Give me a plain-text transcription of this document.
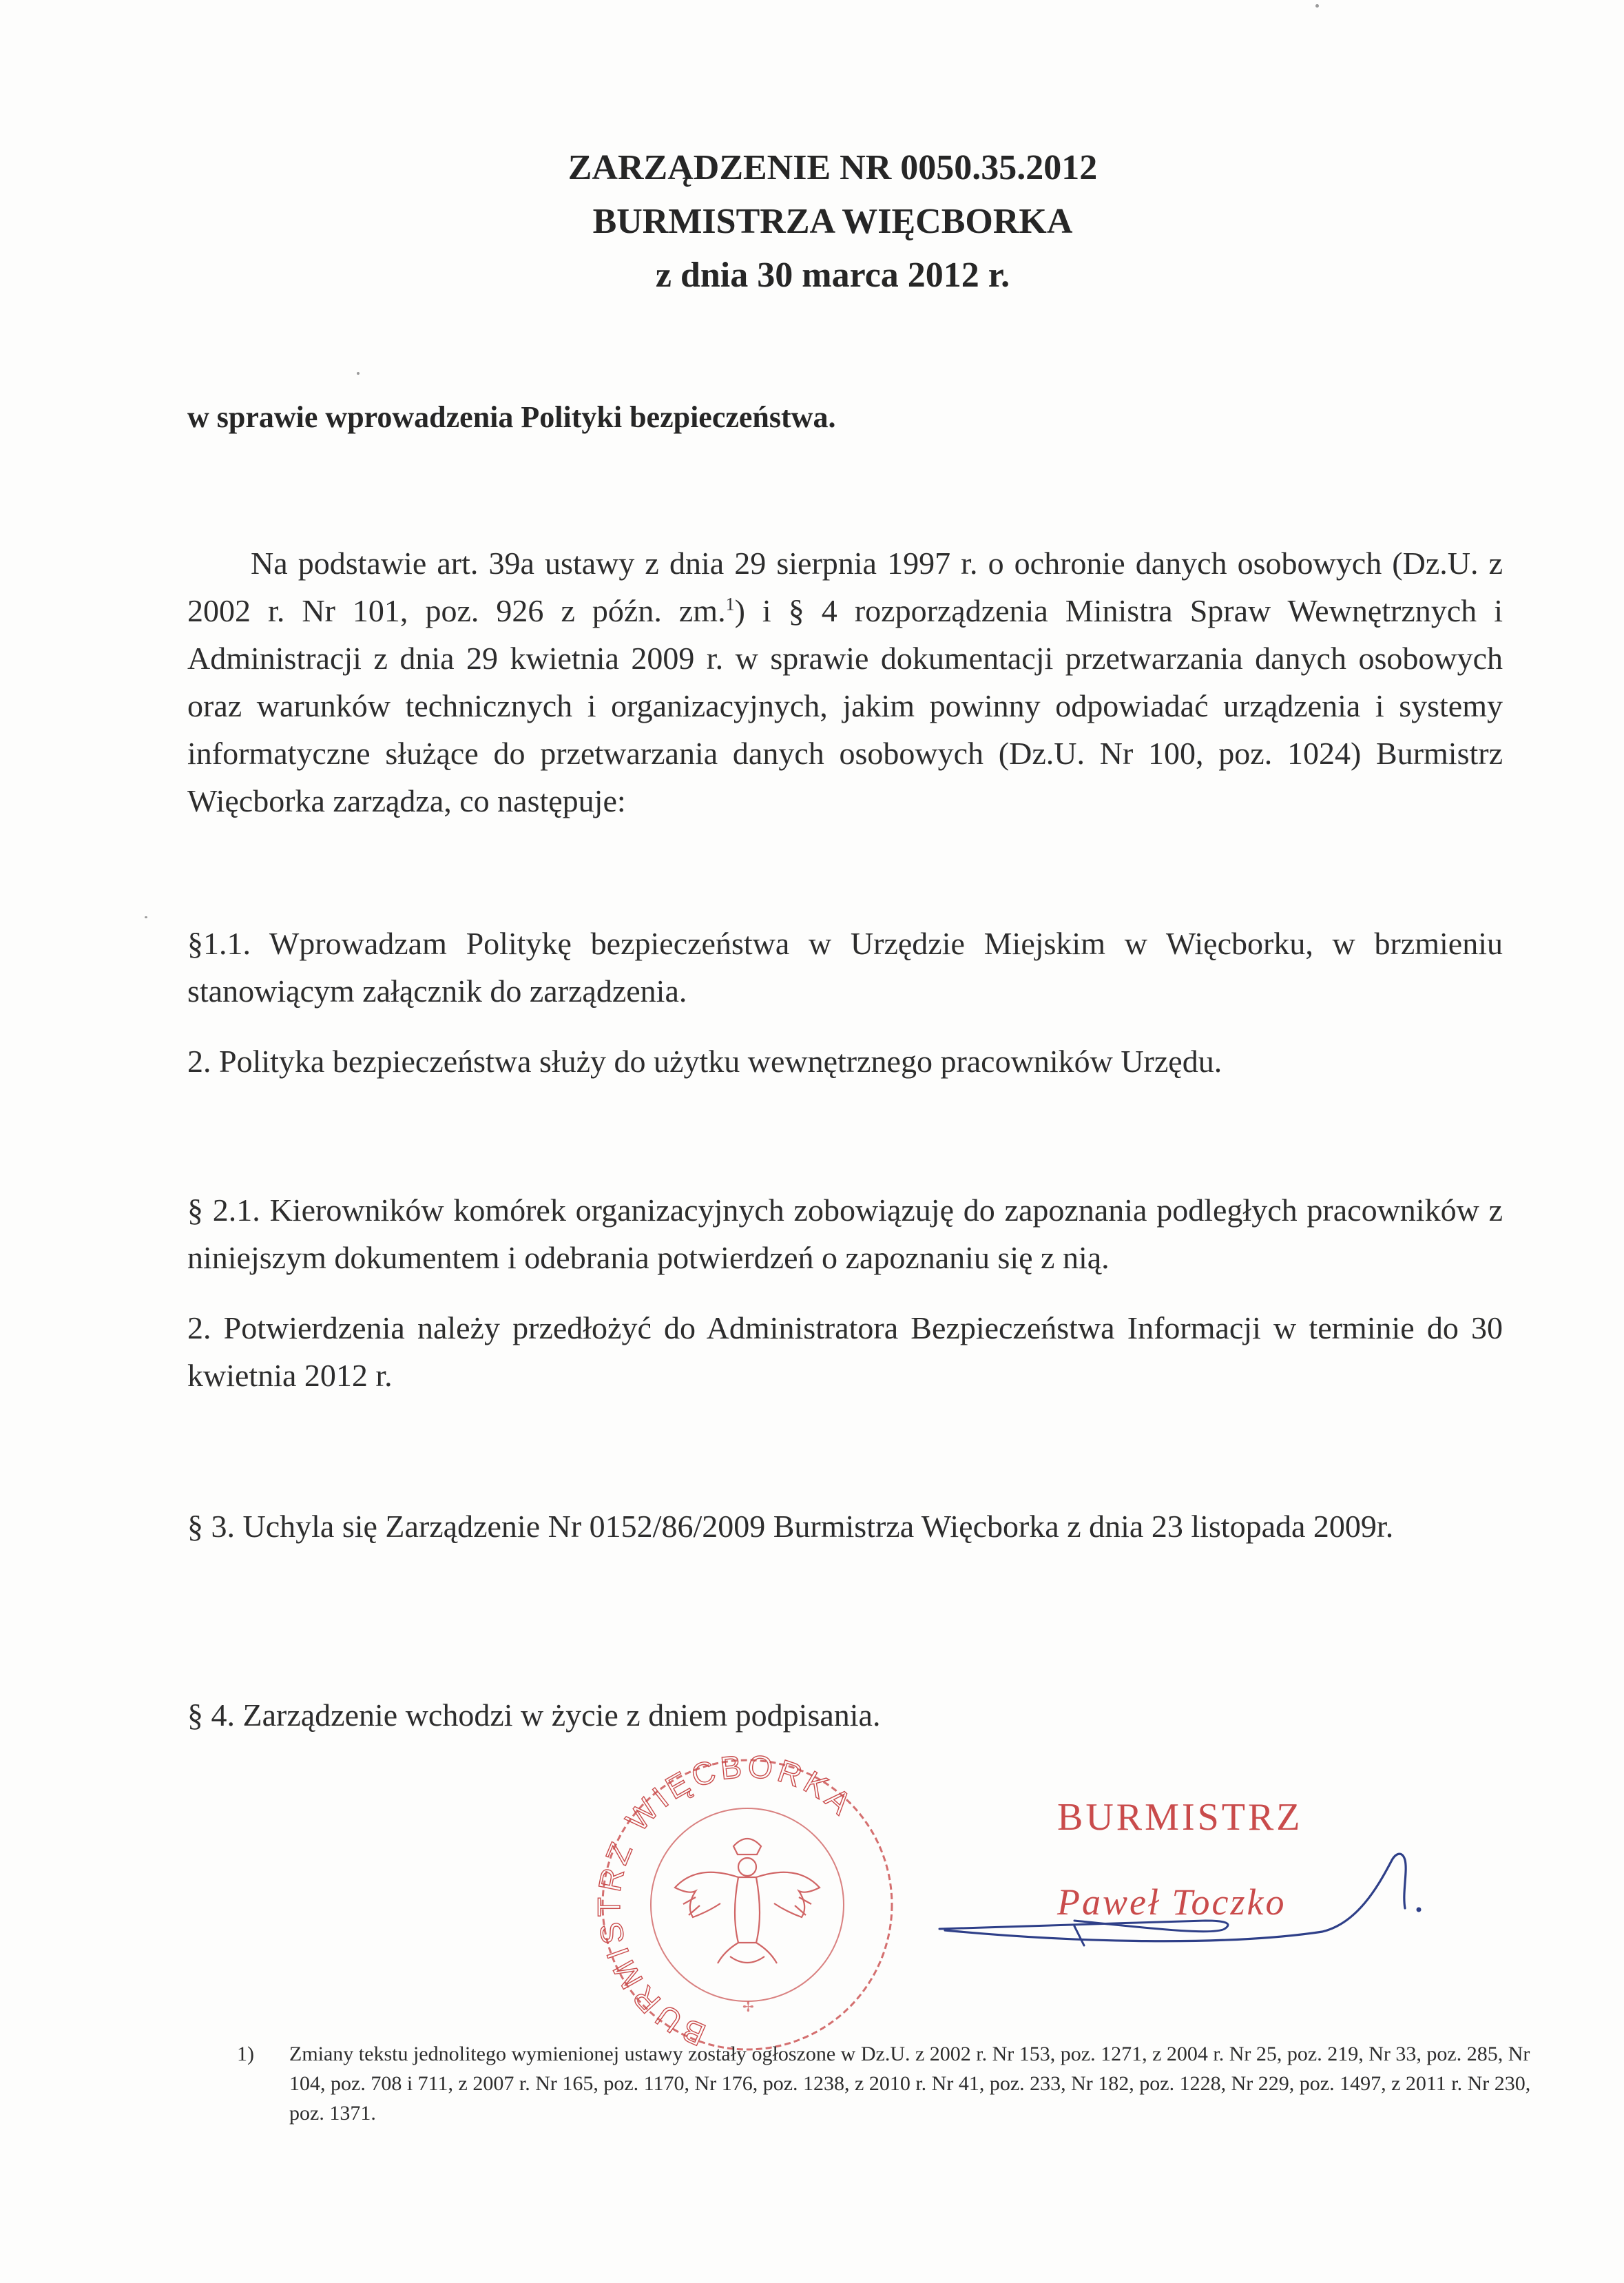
ZARZĄDZENIE NR 0050.35.2012
BURMISTRZA WIĘCBORKA
z dnia 30 marca 2012 r.
w sprawie wprowadzenia Polityki bezpieczeństwa.
Na podstawie art. 39a ustawy z dnia 29 sierpnia 1997 r. o ochronie danych osobowych (Dz.U. z 2002 r. Nr 101, poz. 926 z późn. zm.$^1$) i § 4 rozporządzenia Ministra Spraw Wewnętrznych i Administracji z dnia 29 kwietnia 2009 r. w sprawie dokumentacji przetwarzania danych osobowych oraz warunków technicznych i organizacyjnych, jakim powinny odpowiadać urządzenia i systemy informatyczne służące do przetwarzania danych osobowych (Dz.U. Nr 100, poz. 1024) Burmistrz Więcborka zarządza, co następuje:
§1.1. Wprowadzam Politykę bezpieczeństwa w Urzędzie Miejskim w Więcborku, w brzmieniu stanowiącym załącznik do zarządzenia.
2. Polityka bezpieczeństwa służy do użytku wewnętrznego pracowników Urzędu.
§ 2.1. Kierowników komórek organizacyjnych zobowiązuję do zapoznania podległych pracowników z niniejszym dokumentem i odebrania potwierdzeń o zapoznaniu się z nią.
2. Potwierdzenia należy przedłożyć do Administratora Bezpieczeństwa Informacji w terminie do 30 kwietnia 2012 r.
§ 3. Uchyla się Zarządzenie Nr 0152/86/2009 Burmistrza Więcborka z dnia 23 listopada 2009r.
§ 4. Zarządzenie wchodzi w życie z dniem podpisania.
BURMISTRZ WIĘCBORKA
✢
BURMISTRZ
Paweł Toczko
1) Zmiany tekstu jednolitego wymienionej ustawy zostały ogłoszone w Dz.U. z 2002 r. Nr 153, poz. 1271, z 2004 r. Nr 25, poz. 219, Nr 33, poz. 285, Nr 104, poz. 708 i 711, z 2007 r. Nr 165, poz. 1170, Nr 176, poz. 1238, z 2010 r. Nr 41, poz. 233, Nr 182, poz. 1228, Nr 229, poz. 1497, z 2011 r. Nr 230, poz. 1371.
